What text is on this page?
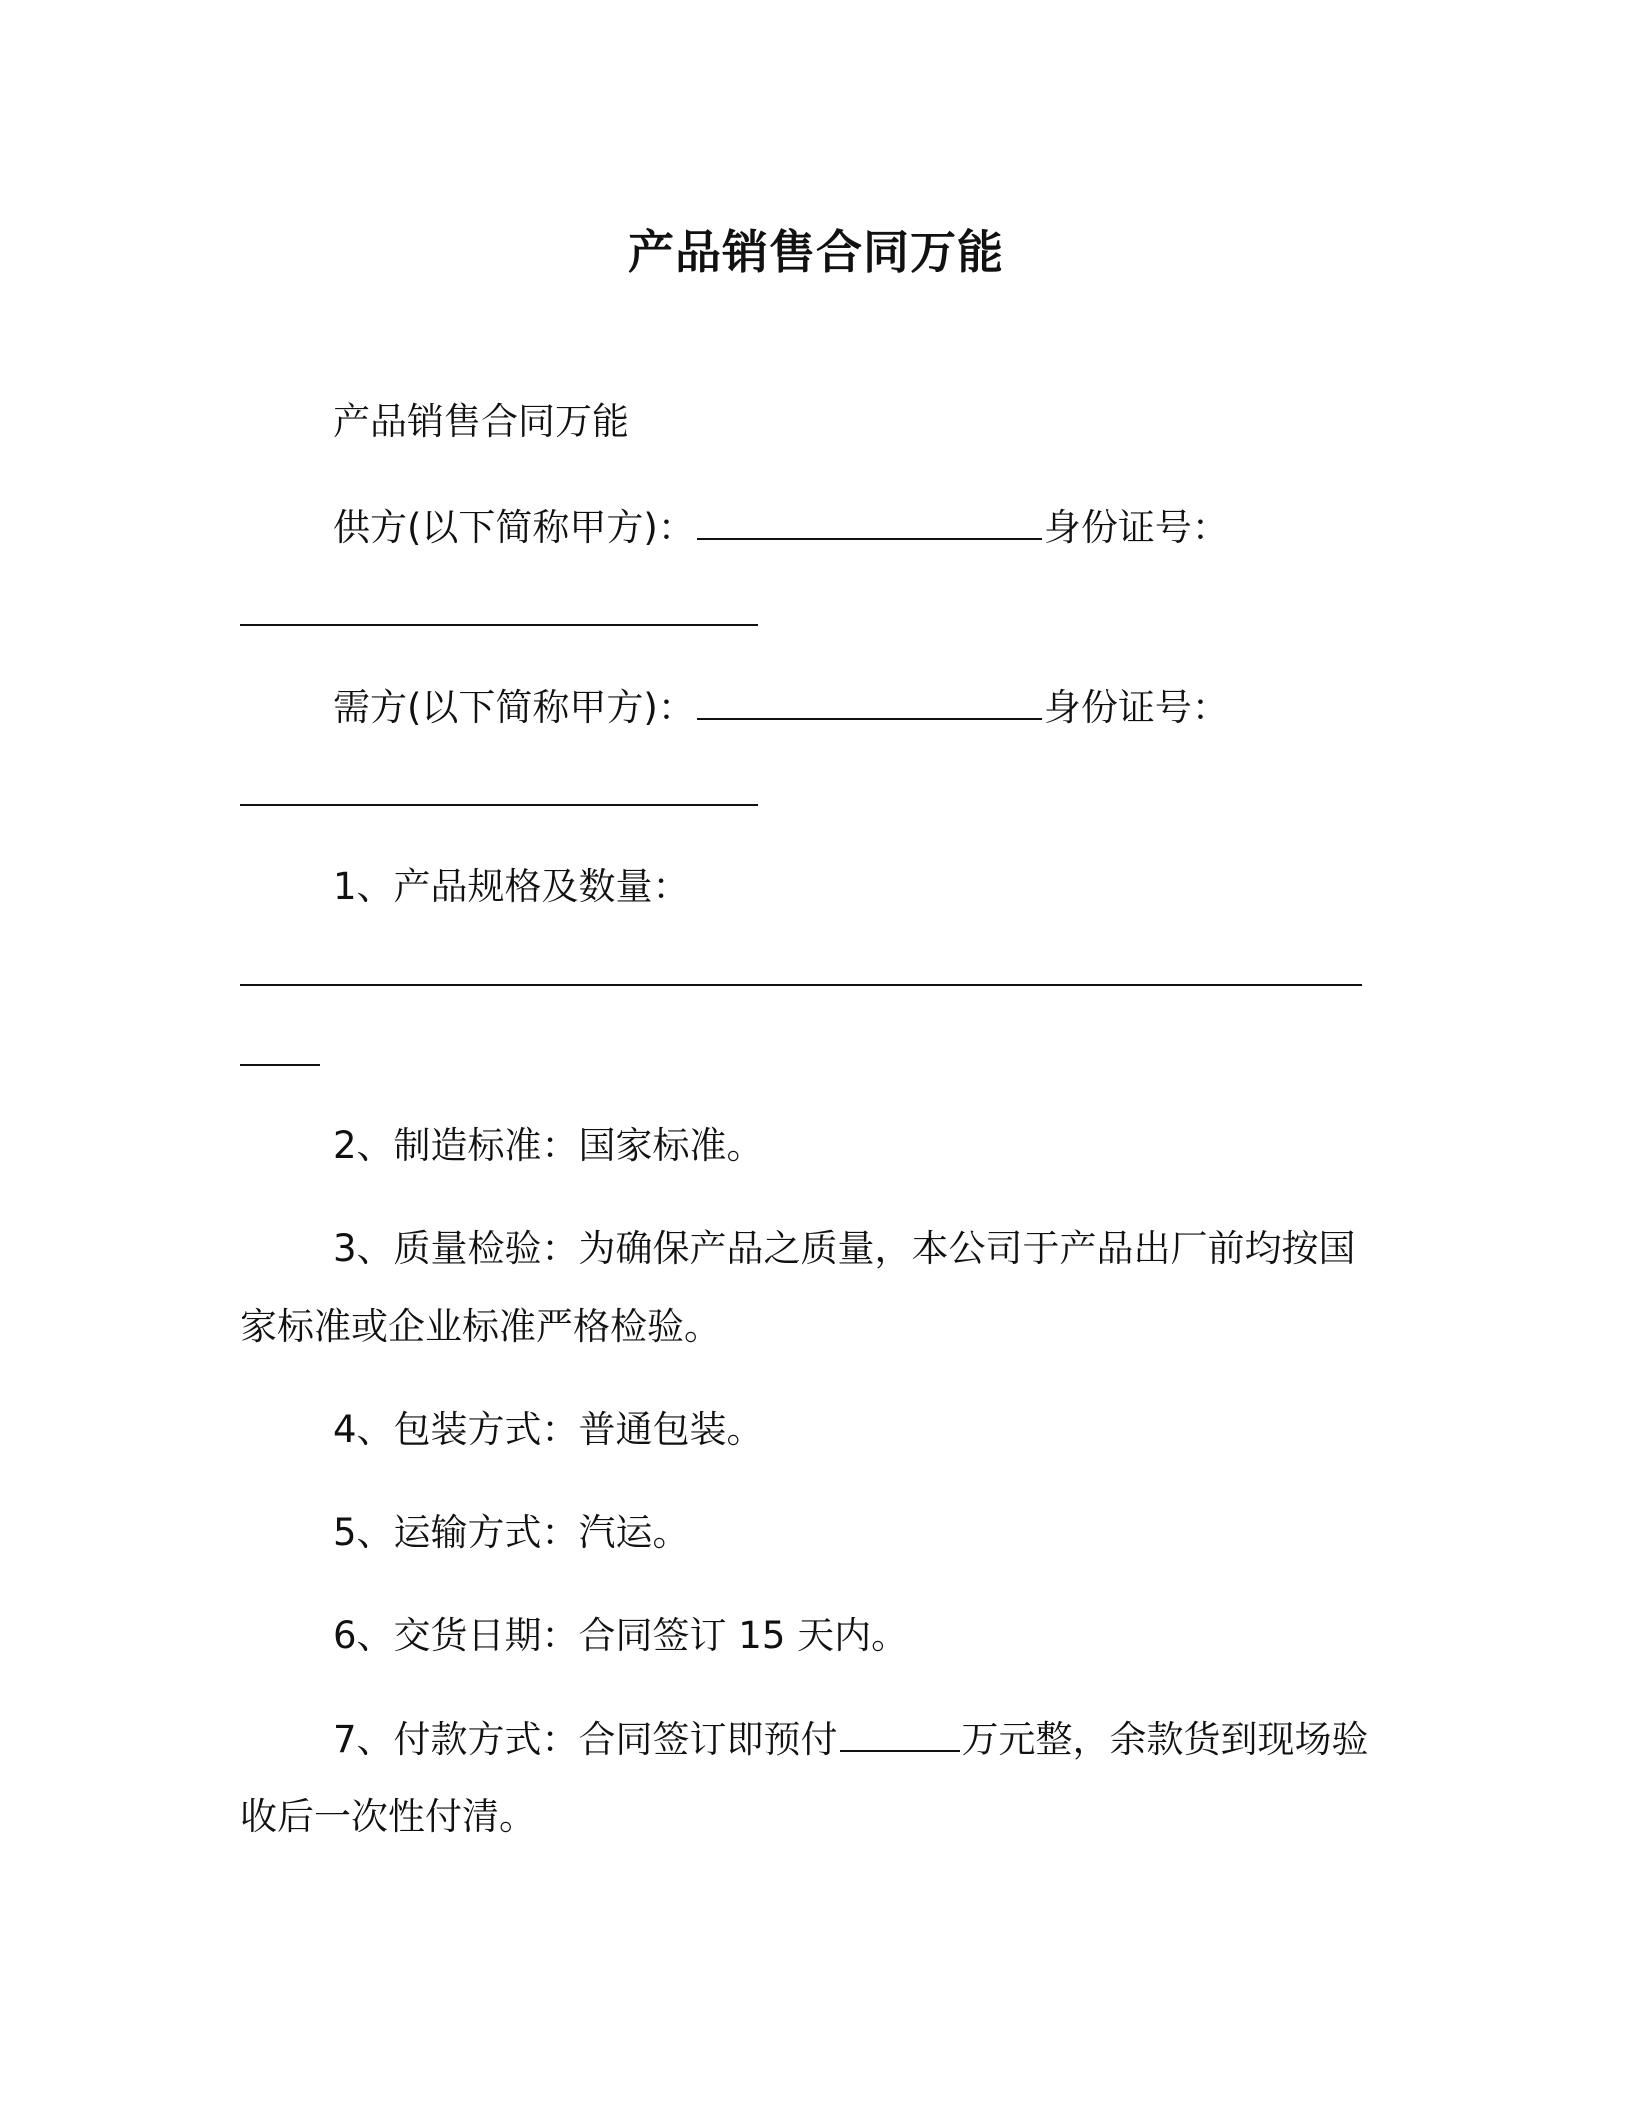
产品销售合同万能
产品销售合同万能
供方(以下简称甲方)：	身份证号：
需方(以下简称甲方)：	身份证号：
1、产品规格及数量：
2、制造标准：国家标准。
3、质量检验：为确保产品之质量，本公司于产品出厂前均按国
家标准或企业标准严格检验。
4、包装方式：普通包装。
5、运输方式：汽运。
6、交货日期：合同签订 15 天内。
7、付款方式：合同签订即预付	万元整，余款货到现场验
收后一次性付清。
